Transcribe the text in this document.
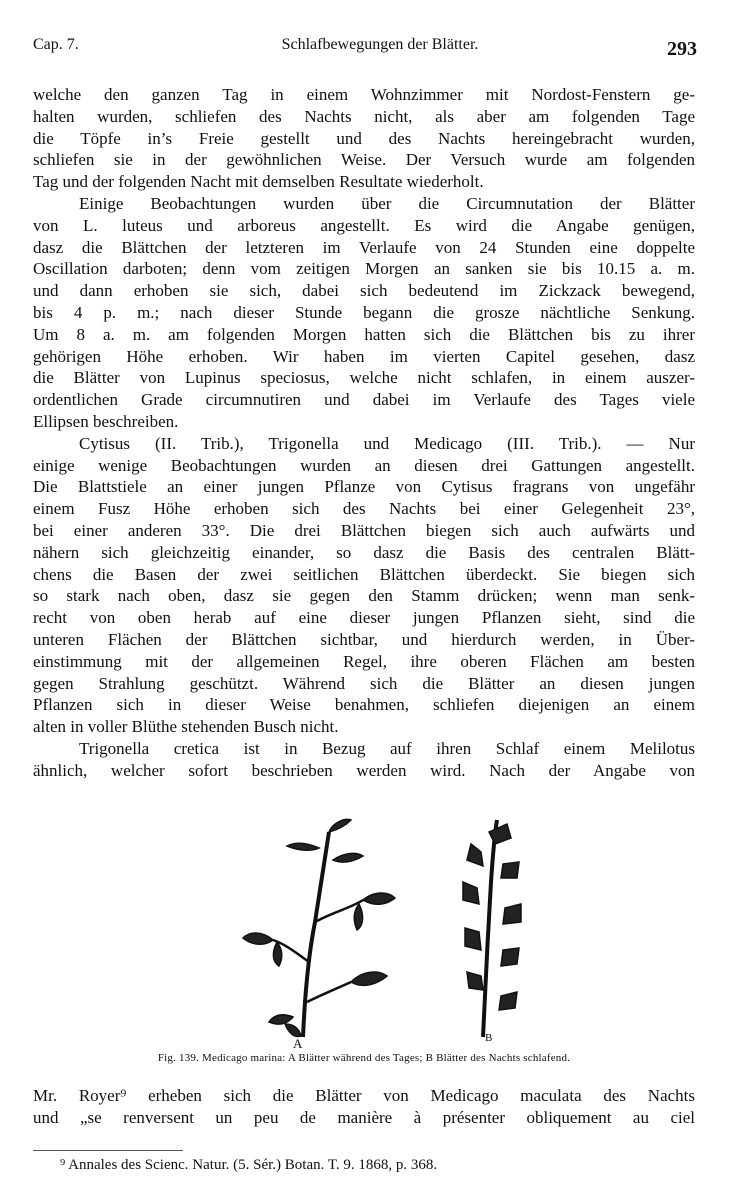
Cap. 7.	Schlafbewegungen der Blätter.	293
welche den ganzen Tag in einem Wohnzimmer mit Nordost-Fenstern ge-
halten wurden, schliefen des Nachts nicht, als aber am folgenden Tage
die Töpfe in’s Freie gestellt und des Nachts hereingebracht wurden,
schliefen sie in der gewöhnlichen Weise. Der Versuch wurde am folgenden
Tag und der folgenden Nacht mit demselben Resultate wiederholt.
Einige Beobachtungen wurden über die Circumnutation der Blätter
von L. luteus und arboreus angestellt. Es wird die Angabe genügen,
dasz die Blättchen der letzteren im Verlaufe von 24 Stunden eine doppelte
Oscillation darboten; denn vom zeitigen Morgen an sanken sie bis 10.15 a. m.
und dann erhoben sie sich, dabei sich bedeutend im Zickzack bewegend,
bis 4 p. m.; nach dieser Stunde begann die grosze nächtliche Senkung.
Um 8 a. m. am folgenden Morgen hatten sich die Blättchen bis zu ihrer
gehörigen Höhe erhoben. Wir haben im vierten Capitel gesehen, dasz
die Blätter von Lupinus speciosus, welche nicht schlafen, in einem auszer-
ordentlichen Grade circumnutiren und dabei im Verlaufe des Tages viele
Ellipsen beschreiben.
Cytisus (II. Trib.), Trigonella und Medicago (III. Trib.). — Nur
einige wenige Beobachtungen wurden an diesen drei Gattungen angestellt.
Die Blattstiele an einer jungen Pflanze von Cytisus fragrans von ungefähr
einem Fusz Höhe erhoben sich des Nachts bei einer Gelegenheit 23°,
bei einer anderen 33°. Die drei Blättchen biegen sich auch aufwärts und
nähern sich gleichzeitig einander, so dasz die Basis des centralen Blätt-
chens die Basen der zwei seitlichen Blättchen überdeckt. Sie biegen sich
so stark nach oben, dasz sie gegen den Stamm drücken; wenn man senk-
recht von oben herab auf eine dieser jungen Pflanzen sieht, sind die
unteren Flächen der Blättchen sichtbar, und hierdurch werden, in Über-
einstimmung mit der allgemeinen Regel, ihre oberen Flächen am besten
gegen Strahlung geschützt. Während sich die Blätter an diesen jungen
Pflanzen sich in dieser Weise benahmen, schliefen diejenigen an einem
alten in voller Blüthe stehenden Busch nicht.
Trigonella cretica ist in Bezug auf ihren Schlaf einem Melilotus
ähnlich, welcher sofort beschrieben werden wird. Nach der Angabe von
A	B
Fig. 139. Medicago marina: A Blätter während des Tages; B Blätter des Nachts schlafend.
Mr. Royer⁹ erheben sich die Blätter von Medicago maculata des Nachts
und „se renversent un peu de manière à présenter obliquement au ciel
⁹ Annales des Scienc. Natur. (5. Sér.) Botan. T. 9. 1868, p. 368.
